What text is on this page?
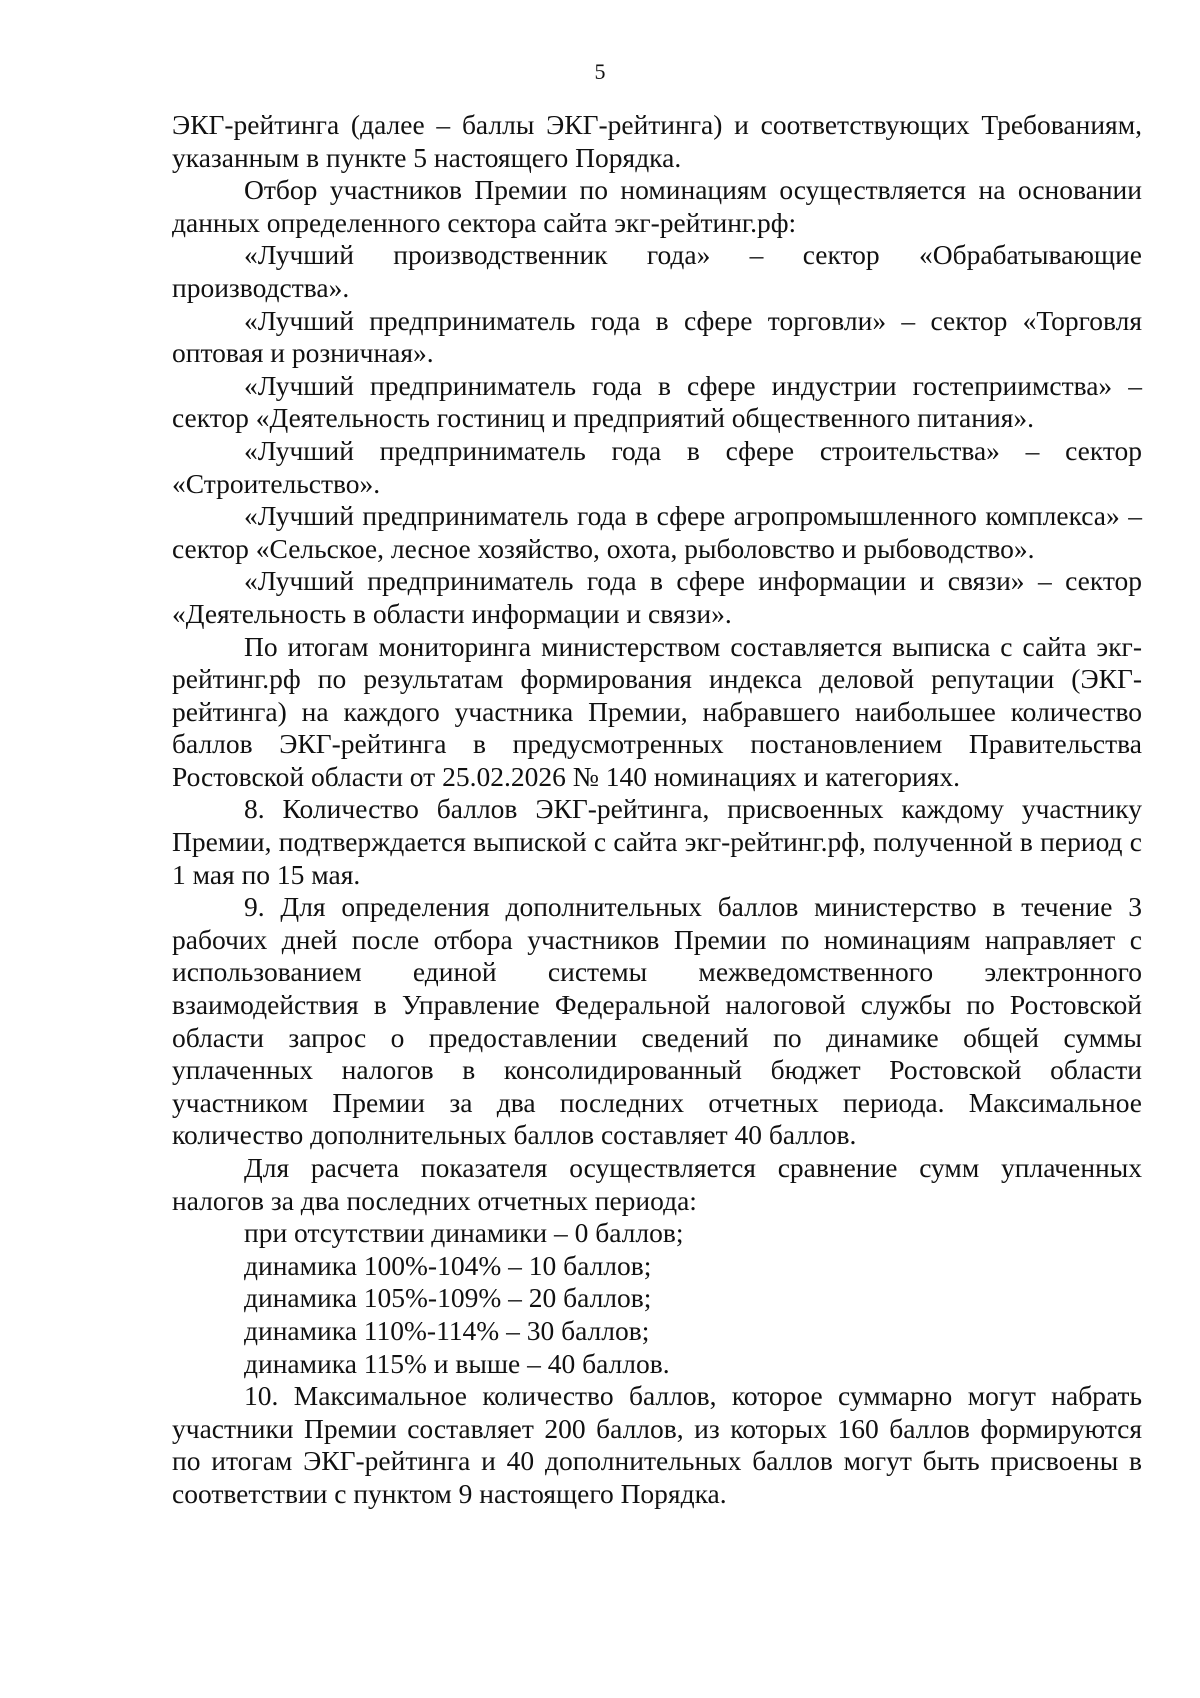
5

ЭКГ-рейтинга (далее – баллы ЭКГ-рейтинга) и соответствующих Требованиям, указанным в пункте 5 настоящего Порядка.

Отбор участников Премии по номинациям осуществляется на основании данных определенного сектора сайта экг-рейтинг.рф:

«Лучший производственник года» – сектор «Обрабатывающие производства».

«Лучший предприниматель года в сфере торговли» – сектор «Торговля оптовая и розничная».

«Лучший предприниматель года в сфере индустрии гостеприимства» – сектор «Деятельность гостиниц и предприятий общественного питания».

«Лучший предприниматель года в сфере строительства» – сектор «Строительство».

«Лучший предприниматель года в сфере агропромышленного комплекса» – сектор «Сельское, лесное хозяйство, охота, рыболовство и рыбоводство».

«Лучший предприниматель года в сфере информации и связи» – сектор «Деятельность в области информации и связи».

По итогам мониторинга министерством составляется выписка с сайта экг-рейтинг.рф по результатам формирования индекса деловой репутации (ЭКГ-рейтинга) на каждого участника Премии, набравшего наибольшее количество баллов ЭКГ-рейтинга в предусмотренных постановлением Правительства Ростовской области от 25.02.2026 № 140 номинациях и категориях.

8. Количество баллов ЭКГ-рейтинга, присвоенных каждому участнику Премии, подтверждается выпиской с сайта экг-рейтинг.рф, полученной в период с 1 мая по 15 мая.

9. Для определения дополнительных баллов министерство в течение 3 рабочих дней после отбора участников Премии по номинациям направляет с использованием единой системы межведомственного электронного взаимодействия в Управление Федеральной налоговой службы по Ростовской области запрос о предоставлении сведений по динамике общей суммы уплаченных налогов в консолидированный бюджет Ростовской области участником Премии за два последних отчетных периода. Максимальное количество дополнительных баллов составляет 40 баллов.

Для расчета показателя осуществляется сравнение сумм уплаченных налогов за два последних отчетных периода:

при отсутствии динамики – 0 баллов;

динамика 100%-104% – 10 баллов;

динамика 105%-109% – 20 баллов;

динамика 110%-114% – 30 баллов;

динамика 115% и выше – 40 баллов.

10. Максимальное количество баллов, которое суммарно могут набрать участники Премии составляет 200 баллов, из которых 160 баллов формируются по итогам ЭКГ-рейтинга и 40 дополнительных баллов могут быть присвоены в соответствии с пунктом 9 настоящего Порядка.
